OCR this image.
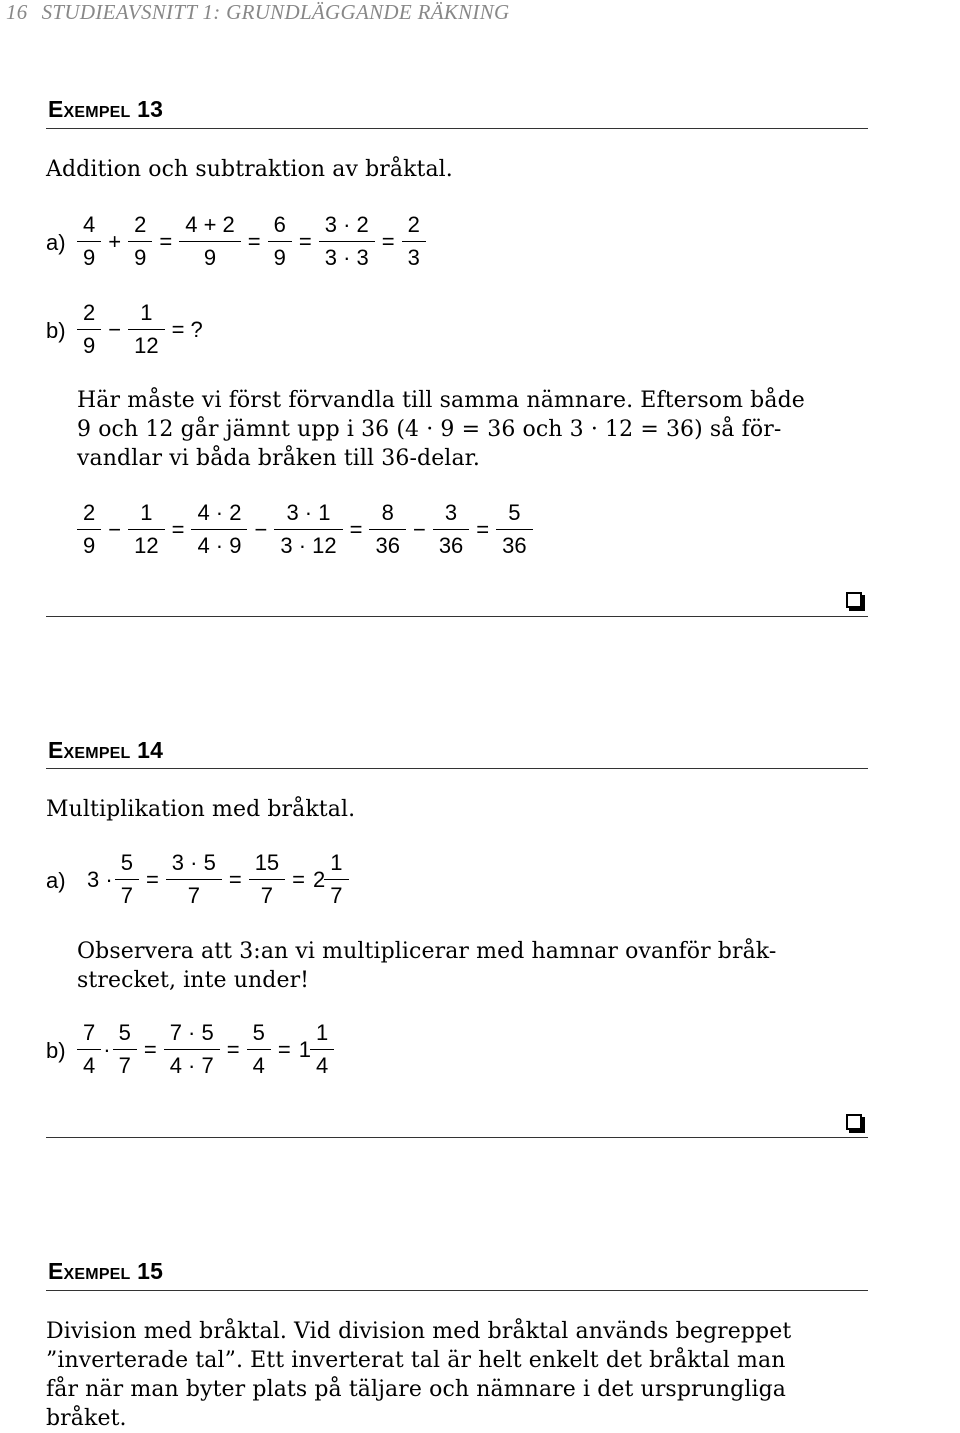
16 STUDIEAVSNITT 1: GRUNDLÄGGANDE RÄKNING
Exempel 13
Addition och subtraktion av bråktal.
$a) \frac{4}{9} + \frac{2}{9} = \frac{4 + 2}{9} = \frac{6}{9} = \frac{3 \cdot 2}{3 \cdot 3} = \frac{2}{3}$
$b) \frac{2}{9} - \frac{1}{12}$ = ?
Här måste vi först förvandla till samma nämnare. Eftersom både
9 och 12 går jämnt upp i 36 (4 · 9 = 36 och 3 · 12 = 36) så för-
vandlar vi båda bråken till 36-delar.
$\frac{2}{9} - \frac{1}{12} = \frac{4 \cdot 2}{4 \cdot 9} - \frac{3 \cdot 1}{3 \cdot 12} = \frac{8}{36} - \frac{3}{36} = \frac{5}{36}$
Exempel 14
Multiplikation med bråktal.
a) $3 \cdot \frac{5}{7} = \frac{3 \cdot 5}{7} = \frac{15}{7} = 2 \frac{1}{7}$
Observera att 3:an vi multiplicerar med hamnar ovanför bråk-
strecket, inte under!
$b) \frac{7}{4} \cdot \frac{5}{7} = \frac{7 \cdot 5}{4 \cdot 7} = \frac{5}{4} = 1 \frac{1}{4}$
Exempel 15
Division med bråktal. Vid division med bråktal används begreppet
”inverterade tal”. Ett inverterat tal är helt enkelt det bråktal man
får när man byter plats på täljare och nämnare i det ursprungliga
bråket.
